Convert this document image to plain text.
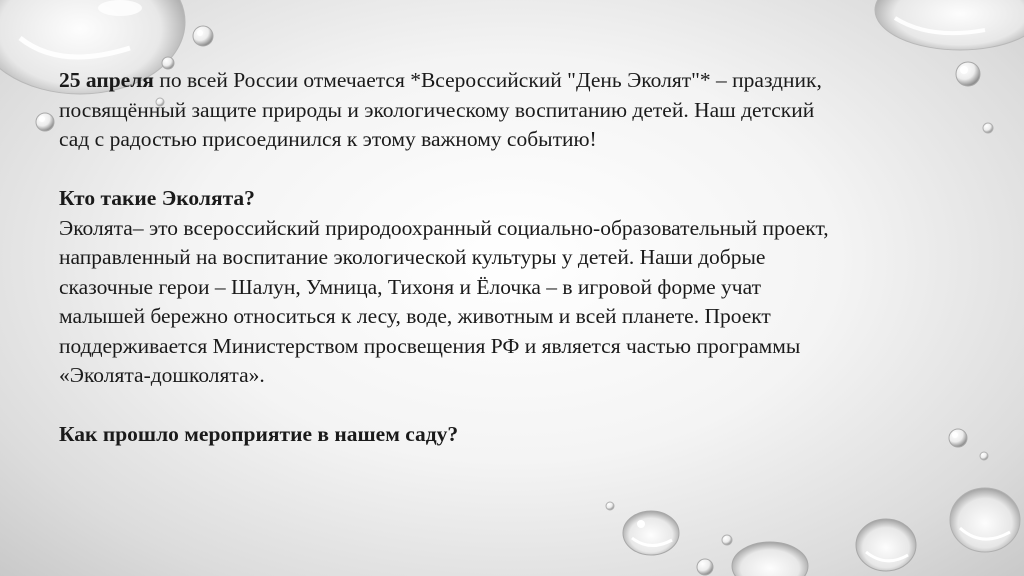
25 апреля по всей России отмечается *Всероссийский "День Эколят"* – праздник,

посвящённый защите природы и экологическому воспитанию детей. Наш детский

сад с радостью присоединился к этому важному событию!

Кто такие Эколята?

Эколята– это всероссийский природоохранный социально-образовательный проект,

направленный на воспитание экологической культуры у детей. Наши добрые

сказочные герои – Шалун, Умница, Тихоня и Ёлочка – в игровой форме учат

малышей бережно относиться к лесу, воде, животным и всей планете. Проект

поддерживается Министерством просвещения РФ и является частью программы

«Эколята-дошколята».

Как прошло мероприятие в нашем саду?
